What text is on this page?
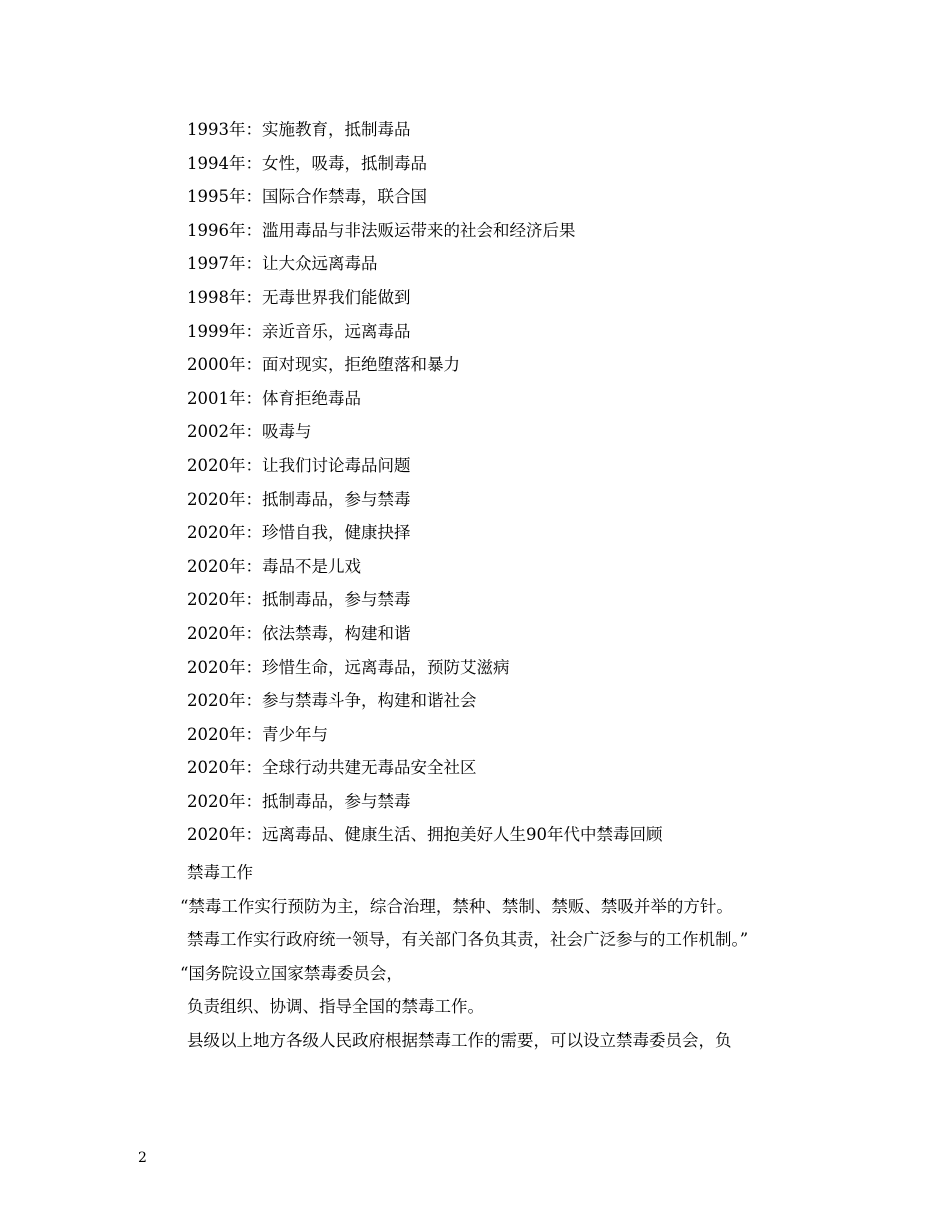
1993年：实施教育，抵制毒品
1994年：女性，吸毒，抵制毒品
1995年：国际合作禁毒，联合国
1996年：滥用毒品与非法贩运带来的社会和经济后果
1997年：让大众远离毒品
1998年：无毒世界我们能做到
1999年：亲近音乐，远离毒品
2000年：面对现实，拒绝堕落和暴力
2001年：体育拒绝毒品
2002年：吸毒与
2020年：让我们讨论毒品问题
2020年：抵制毒品，参与禁毒
2020年：珍惜自我，健康抉择
2020年：毒品不是儿戏
2020年：抵制毒品，参与禁毒
2020年：依法禁毒，构建和谐
2020年：珍惜生命，远离毒品，预防艾滋病
2020年：参与禁毒斗争，构建和谐社会
2020年：青少年与
2020年：全球行动共建无毒品安全社区
2020年：抵制毒品，参与禁毒
2020年：远离毒品、健康生活、拥抱美好人生90年代中禁毒回顾

禁毒工作

“禁毒工作实行预防为主，综合治理，禁种、禁制、禁贩、禁吸并举的方针。

禁毒工作实行政府统一领导，有关部门各负其责，社会广泛参与的工作机制。”

“国务院设立国家禁毒委员会，

负责组织、协调、指导全国的禁毒工作。

县级以上地方各级人民政府根据禁毒工作的需要，可以设立禁毒委员会，负

2
